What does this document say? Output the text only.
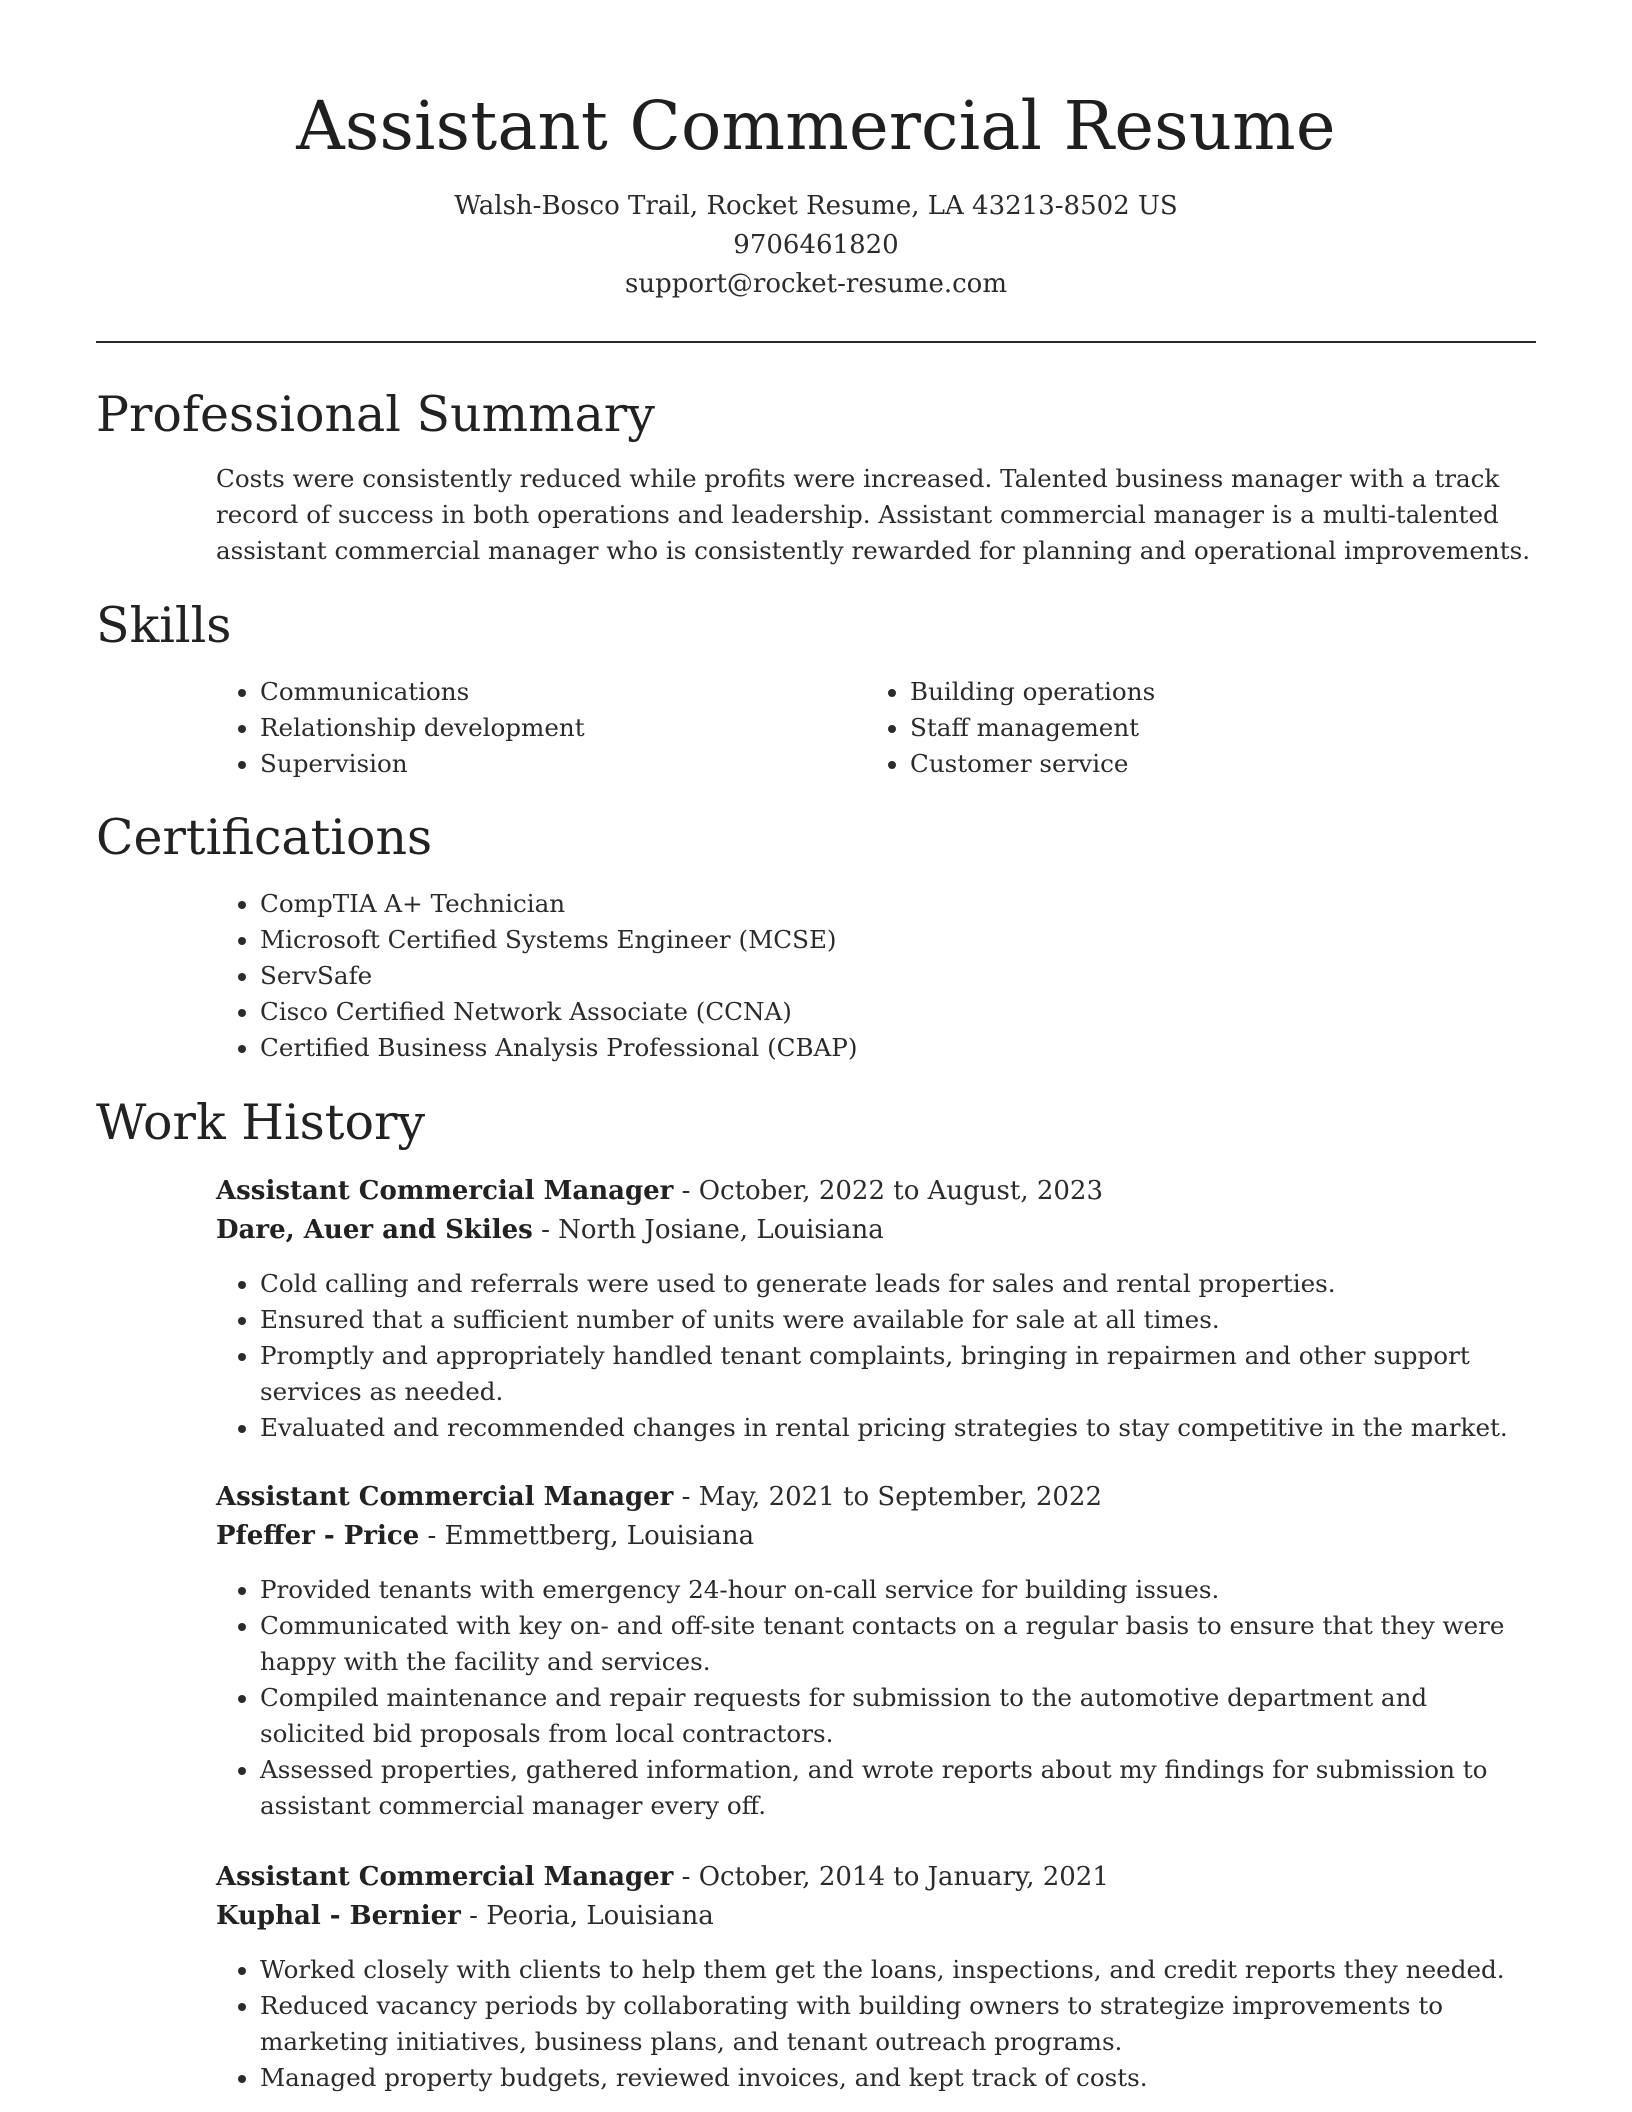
Assistant Commercial Resume
Walsh-Bosco Trail, Rocket Resume, LA 43213-8502 US
9706461820
support@rocket-resume.com
Professional Summary

Costs were consistently reduced while profits were increased. Talented business manager with a track record of success in both operations and leadership. Assistant commercial manager is a multi-talented assistant commercial manager who is consistently rewarded for planning and operational improvements.

Skills
• Communications
• Relationship development
• Supervision
• Building operations
• Staff management
• Customer service
Certifications
• CompTIA A+ Technician
• Microsoft Certified Systems Engineer (MCSE)
• ServSafe
• Cisco Certified Network Associate (CCNA)
• Certified Business Analysis Professional (CBAP)
Work History
Assistant Commercial Manager - October, 2022 to August, 2023
Dare, Auer and Skiles - North Josiane, Louisiana
• Cold calling and referrals were used to generate leads for sales and rental properties.
• Ensured that a sufficient number of units were available for sale at all times.
• Promptly and appropriately handled tenant complaints, bringing in repairmen and other support services as needed.
• Evaluated and recommended changes in rental pricing strategies to stay competitive in the market.
Assistant Commercial Manager - May, 2021 to September, 2022
Pfeffer - Price - Emmettberg, Louisiana
• Provided tenants with emergency 24-hour on-call service for building issues.
• Communicated with key on- and off-site tenant contacts on a regular basis to ensure that they were happy with the facility and services.
• Compiled maintenance and repair requests for submission to the automotive department and solicited bid proposals from local contractors.
• Assessed properties, gathered information, and wrote reports about my findings for submission to assistant commercial manager every off.
Assistant Commercial Manager - October, 2014 to January, 2021
Kuphal - Bernier - Peoria, Louisiana
• Worked closely with clients to help them get the loans, inspections, and credit reports they needed.
• Reduced vacancy periods by collaborating with building owners to strategize improvements to marketing initiatives, business plans, and tenant outreach programs.
• Managed property budgets, reviewed invoices, and kept track of costs.
